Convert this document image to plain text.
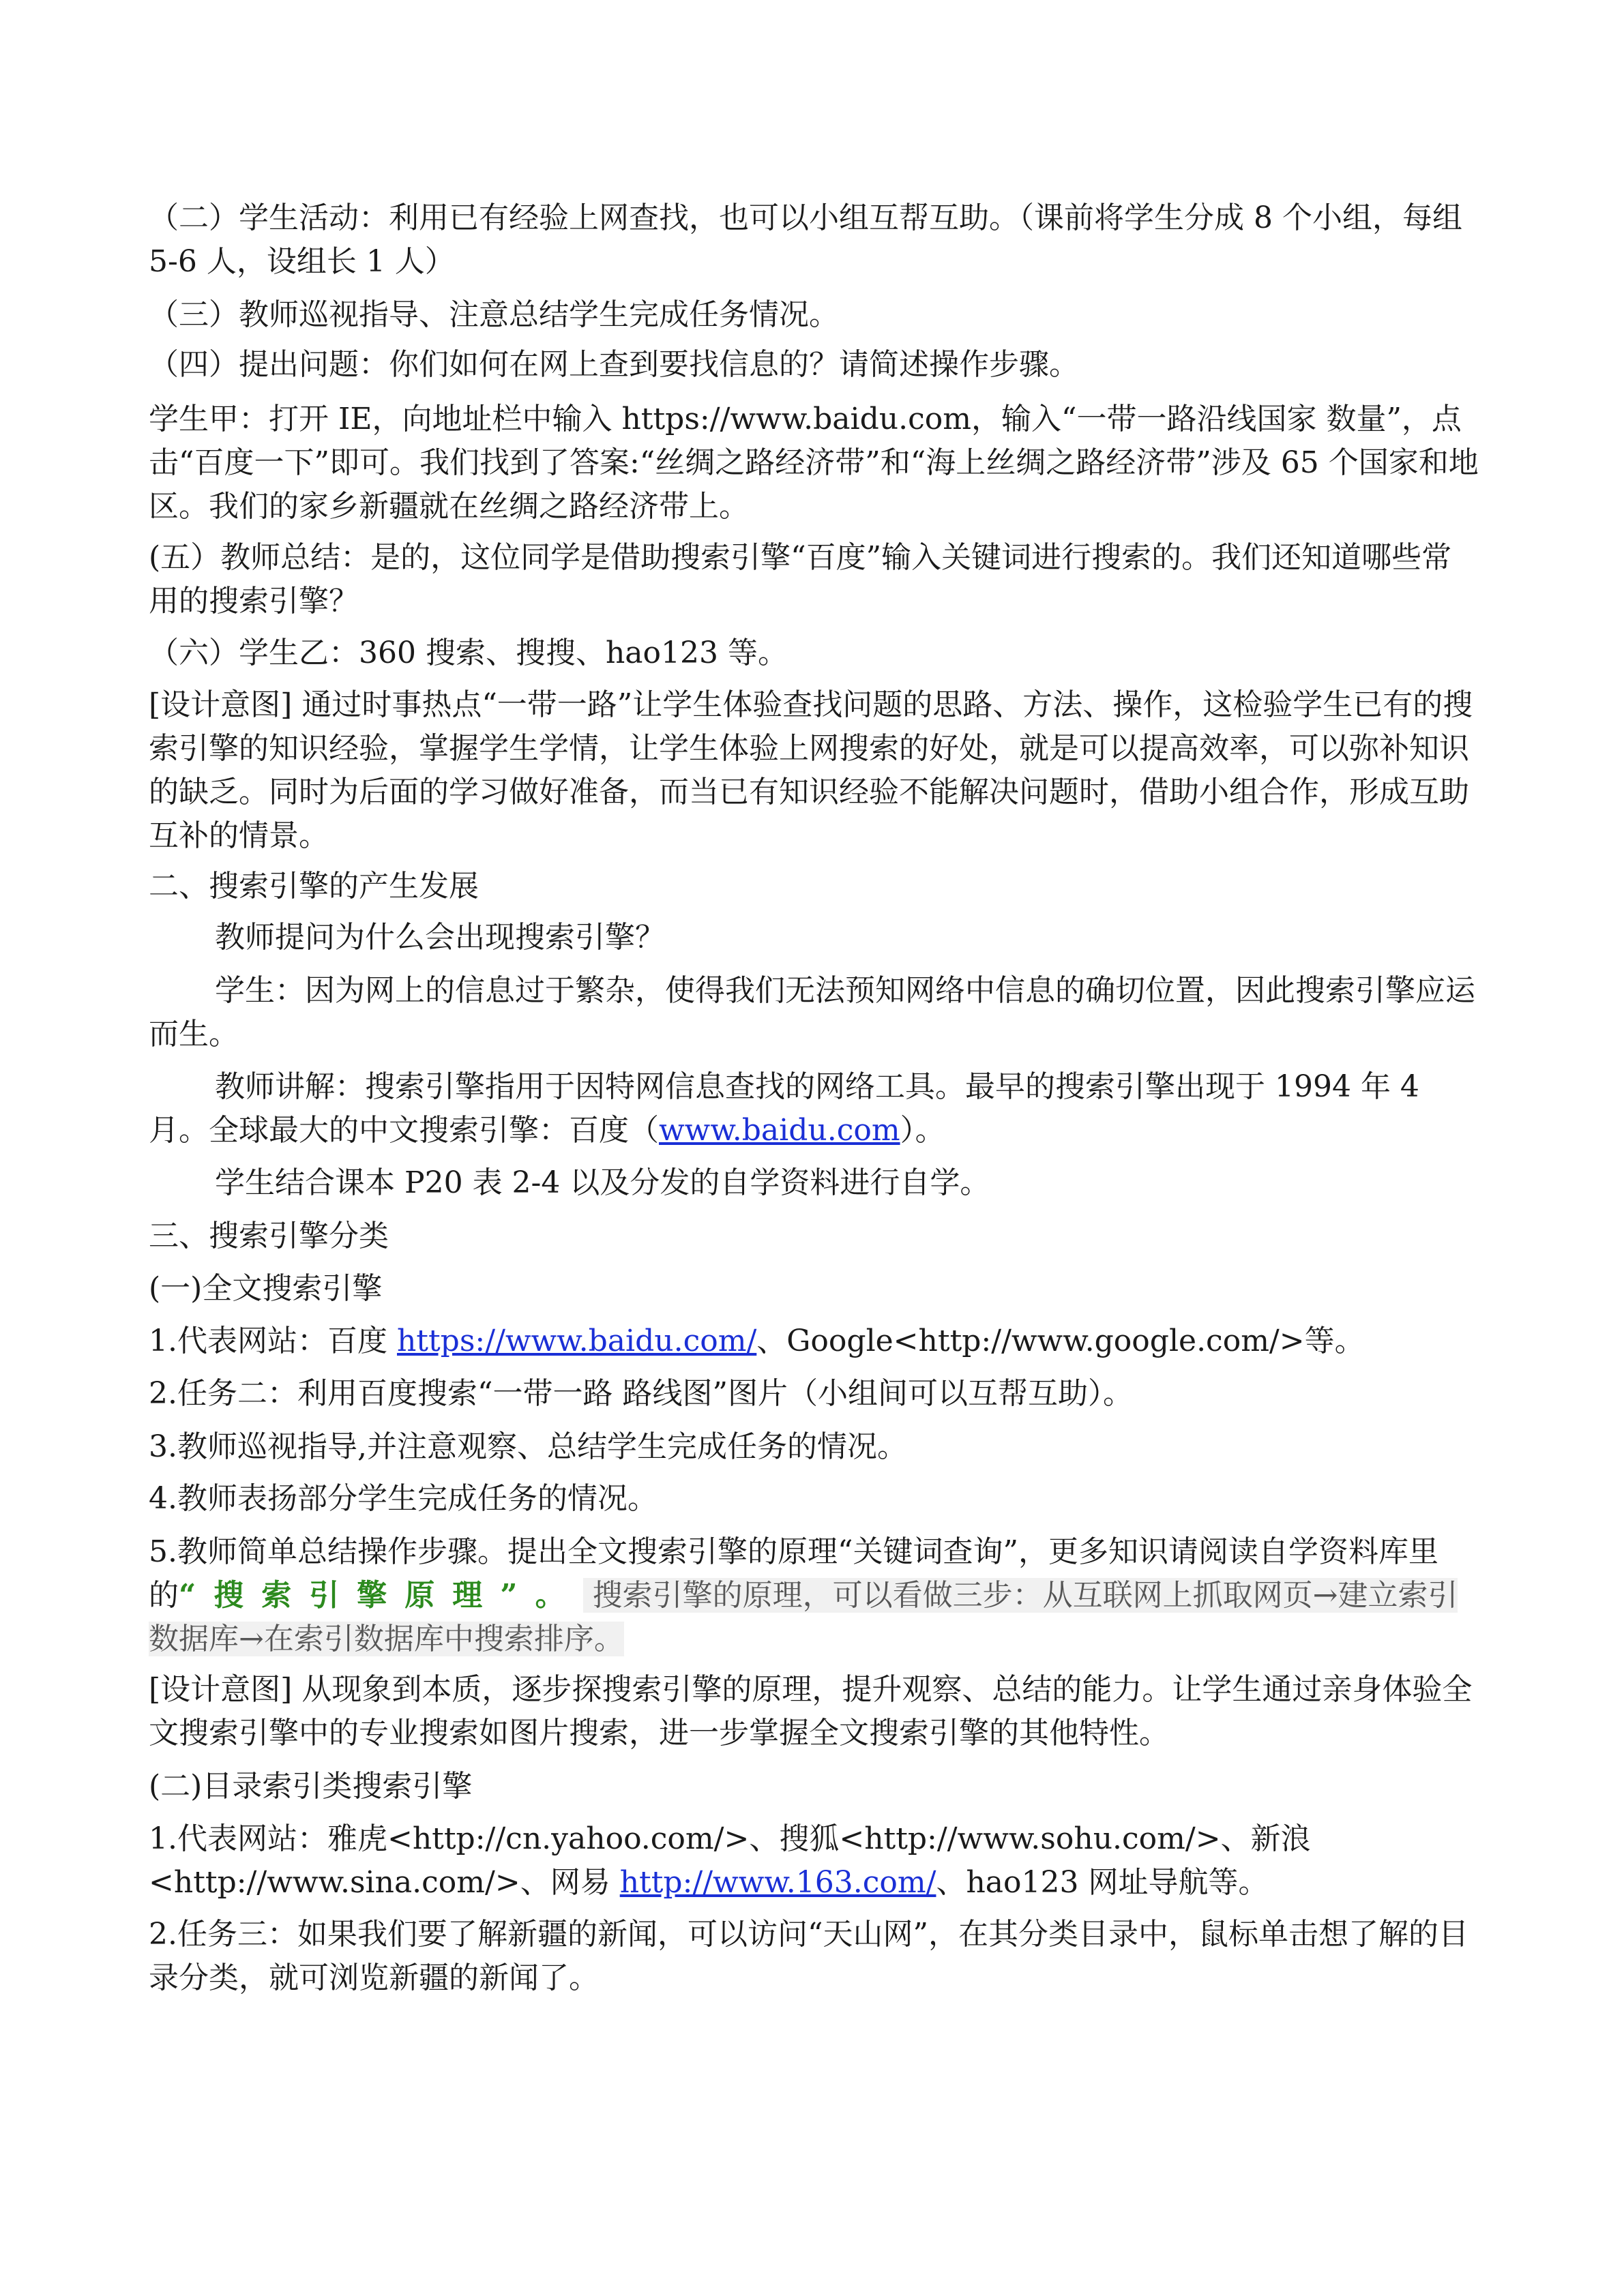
（二）学生活动：利用已有经验上网查找，也可以小组互帮互助。（课前将学生分成 8 个小组，每组 5-6 人，设组长 1 人）

（三）教师巡视指导、注意总结学生完成任务情况。

（四）提出问题：你们如何在网上查到要找信息的？请简述操作步骤。

学生甲：打开 IE，向地址栏中输入 https://www.baidu.com，输入“一带一路沿线国家 数量”，点击“百度一下”即可。我们找到了答案:“丝绸之路经济带”和“海上丝绸之路经济带”涉及 65 个国家和地区。我们的家乡新疆就在丝绸之路经济带上。

(五）教师总结：是的，这位同学是借助搜索引擎“百度”输入关键词进行搜索的。我们还知道哪些常用的搜索引擎？

（六）学生乙：360 搜索、搜搜、hao123 等。

[设计意图] 通过时事热点“一带一路”让学生体验查找问题的思路、方法、操作，这检验学生已有的搜索引擎的知识经验，掌握学生学情，让学生体验上网搜索的好处，就是可以提高效率，可以弥补知识的缺乏。同时为后面的学习做好准备，而当已有知识经验不能解决问题时，借助小组合作，形成互助互补的情景。

二、搜索引擎的产生发展

教师提问为什么会出现搜索引擎？

学生：因为网上的信息过于繁杂，使得我们无法预知网络中信息的确切位置，因此搜索引擎应运而生。

教师讲解：搜索引擎指用于因特网信息查找的网络工具。最早的搜索引擎出现于 1994 年 4 月。全球最大的中文搜索引擎：百度（www.baidu.com）。

学生结合课本 P20 表 2-4 以及分发的自学资料进行自学。

三、搜索引擎分类

(一)全文搜索引擎

1.代表网站：百度 https://www.baidu.com/、Google<http://www.google.com/>等。

2.任务二：利用百度搜索“一带一路 路线图”图片（小组间可以互帮互助）。

3.教师巡视指导,并注意观察、总结学生完成任务的情况。

4.教师表扬部分学生完成任务的情况。

5.教师简单总结操作步骤。提出全文搜索引擎的原理“关键词查询”，更多知识请阅读自学资料库里的“搜索引擎原理”。 搜索引擎的原理，可以看做三步：从互联网上抓取网页→建立索引数据库→在索引数据库中搜索排序。

[设计意图] 从现象到本质，逐步探搜索引擎的原理，提升观察、总结的能力。让学生通过亲身体验全文搜索引擎中的专业搜索如图片搜索，进一步掌握全文搜索引擎的其他特性。

(二)目录索引类搜索引擎

1.代表网站：雅虎<http://cn.yahoo.com/>、搜狐<http://www.sohu.com/>、新浪<http://www.sina.com/>、网易 http://www.163.com/、hao123 网址导航等。

2.任务三：如果我们要了解新疆的新闻，可以访问“天山网”，在其分类目录中，鼠标单击想了解的目录分类，就可浏览新疆的新闻了。
